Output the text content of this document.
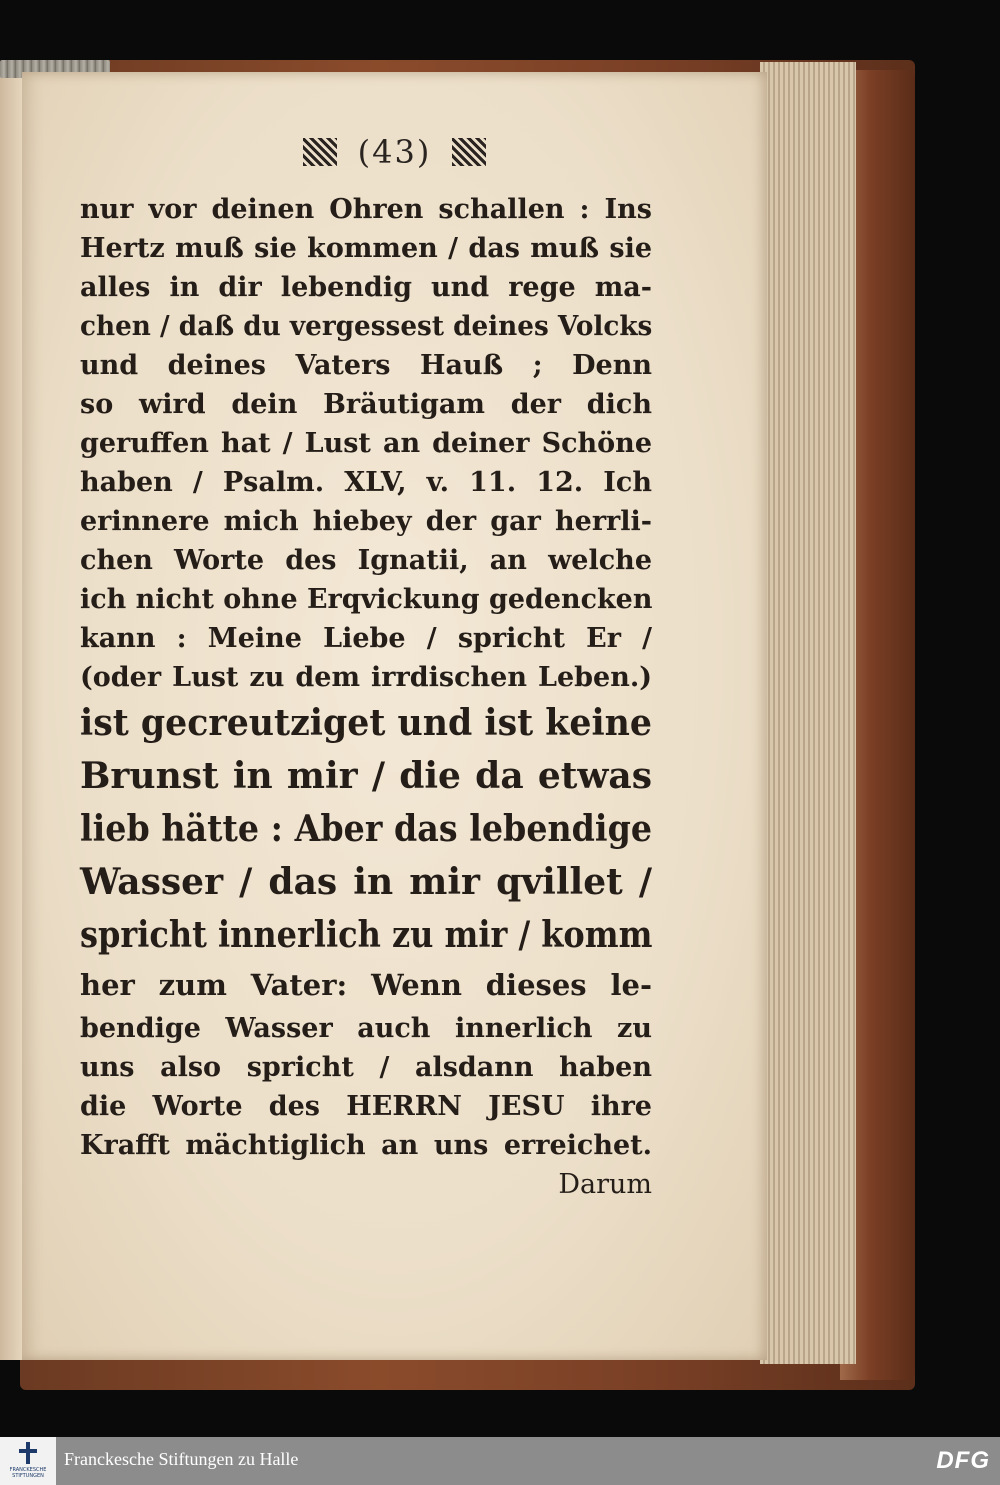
(43)
nur vor deinen Ohren schallen : Ins
Hertz muß sie kommen / das muß sie
alles in dir lebendig und rege ma-
chen / daß du vergessest deines Volcks
und deines Vaters Hauß ; Denn
so wird dein Bräutigam der dich
geruffen hat / Lust an deiner Schöne
haben / Psalm. XLV, v. 11. 12. Ich
erinnere mich hiebey der gar herrli-
chen Worte des Ignatii, an welche
ich nicht ohne Erqvickung gedencken
kann : Meine Liebe / spricht Er /
(oder Lust zu dem irrdischen Leben.)
ist gecreutziget und ist keine
Brunst in mir / die da etwas
lieb hätte : Aber das lebendige
Wasser / das in mir qvillet /
spricht innerlich zu mir / komm
her zum Vater: Wenn dieses le-
bendige Wasser auch innerlich zu
uns also spricht / alsdann haben
die Worte des HERRN JESU ihre
Krafft mächtiglich an uns erreichet.
Darum
FRANCKESCHE STIFTUNGEN
Franckesche Stiftungen zu Halle	DFG
